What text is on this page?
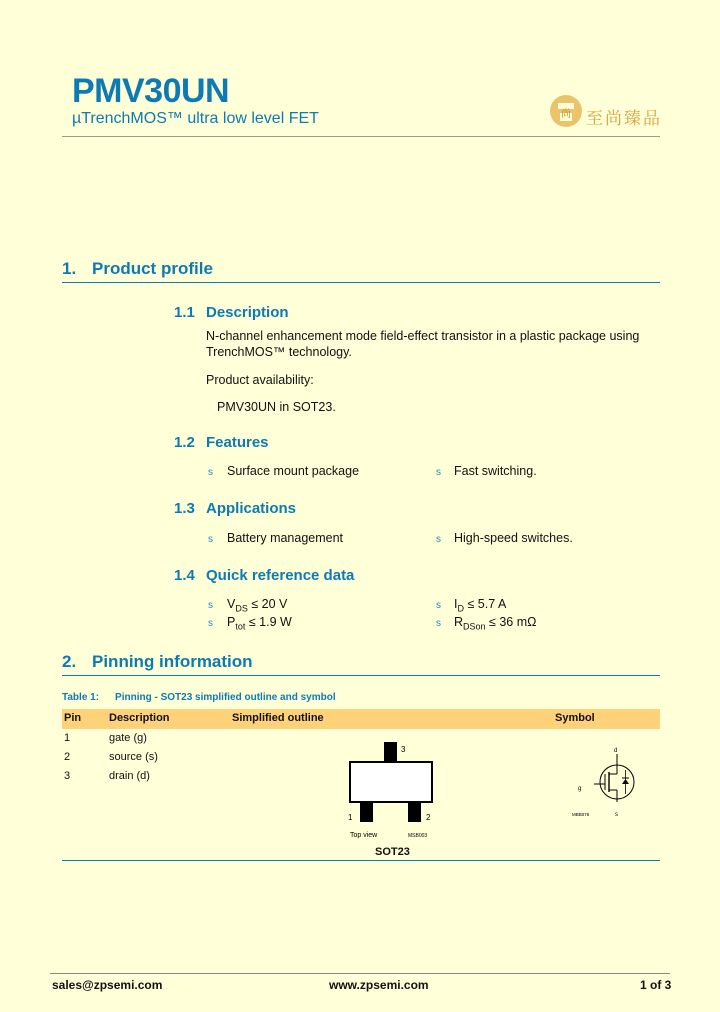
PMV30UN
µTrenchMOS™ ultra low level FET	尚 至尚臻品
1. Product profile
1.1 Description
N-channel enhancement mode field-effect transistor in a plastic package using
TrenchMOS™ technology.
Product availability:
PMV30UN in SOT23.
1.2 Features
s Surface mount package	s Fast switching.
1.3 Applications
s Battery management	s High-speed switches.
1.4 Quick reference data
s $V_{DS} \le 20$ V	s $I_D \le 5.7$ A
s $P_{tot} \le 1.9$ W	s $R_{DSon} \le 36$ mΩ
2. Pinning information
Table 1: Pinning - SOT23 simplified outline and symbol
Pin	Description	Simplified outline	Symbol
1	gate (g)
2	source (s)
3	drain (d)
3
1	2
Top view	MSB003
SOT23
d
g
s
MBB076
sales@zpsemi.com	www.zpsemi.com	1 of 3
